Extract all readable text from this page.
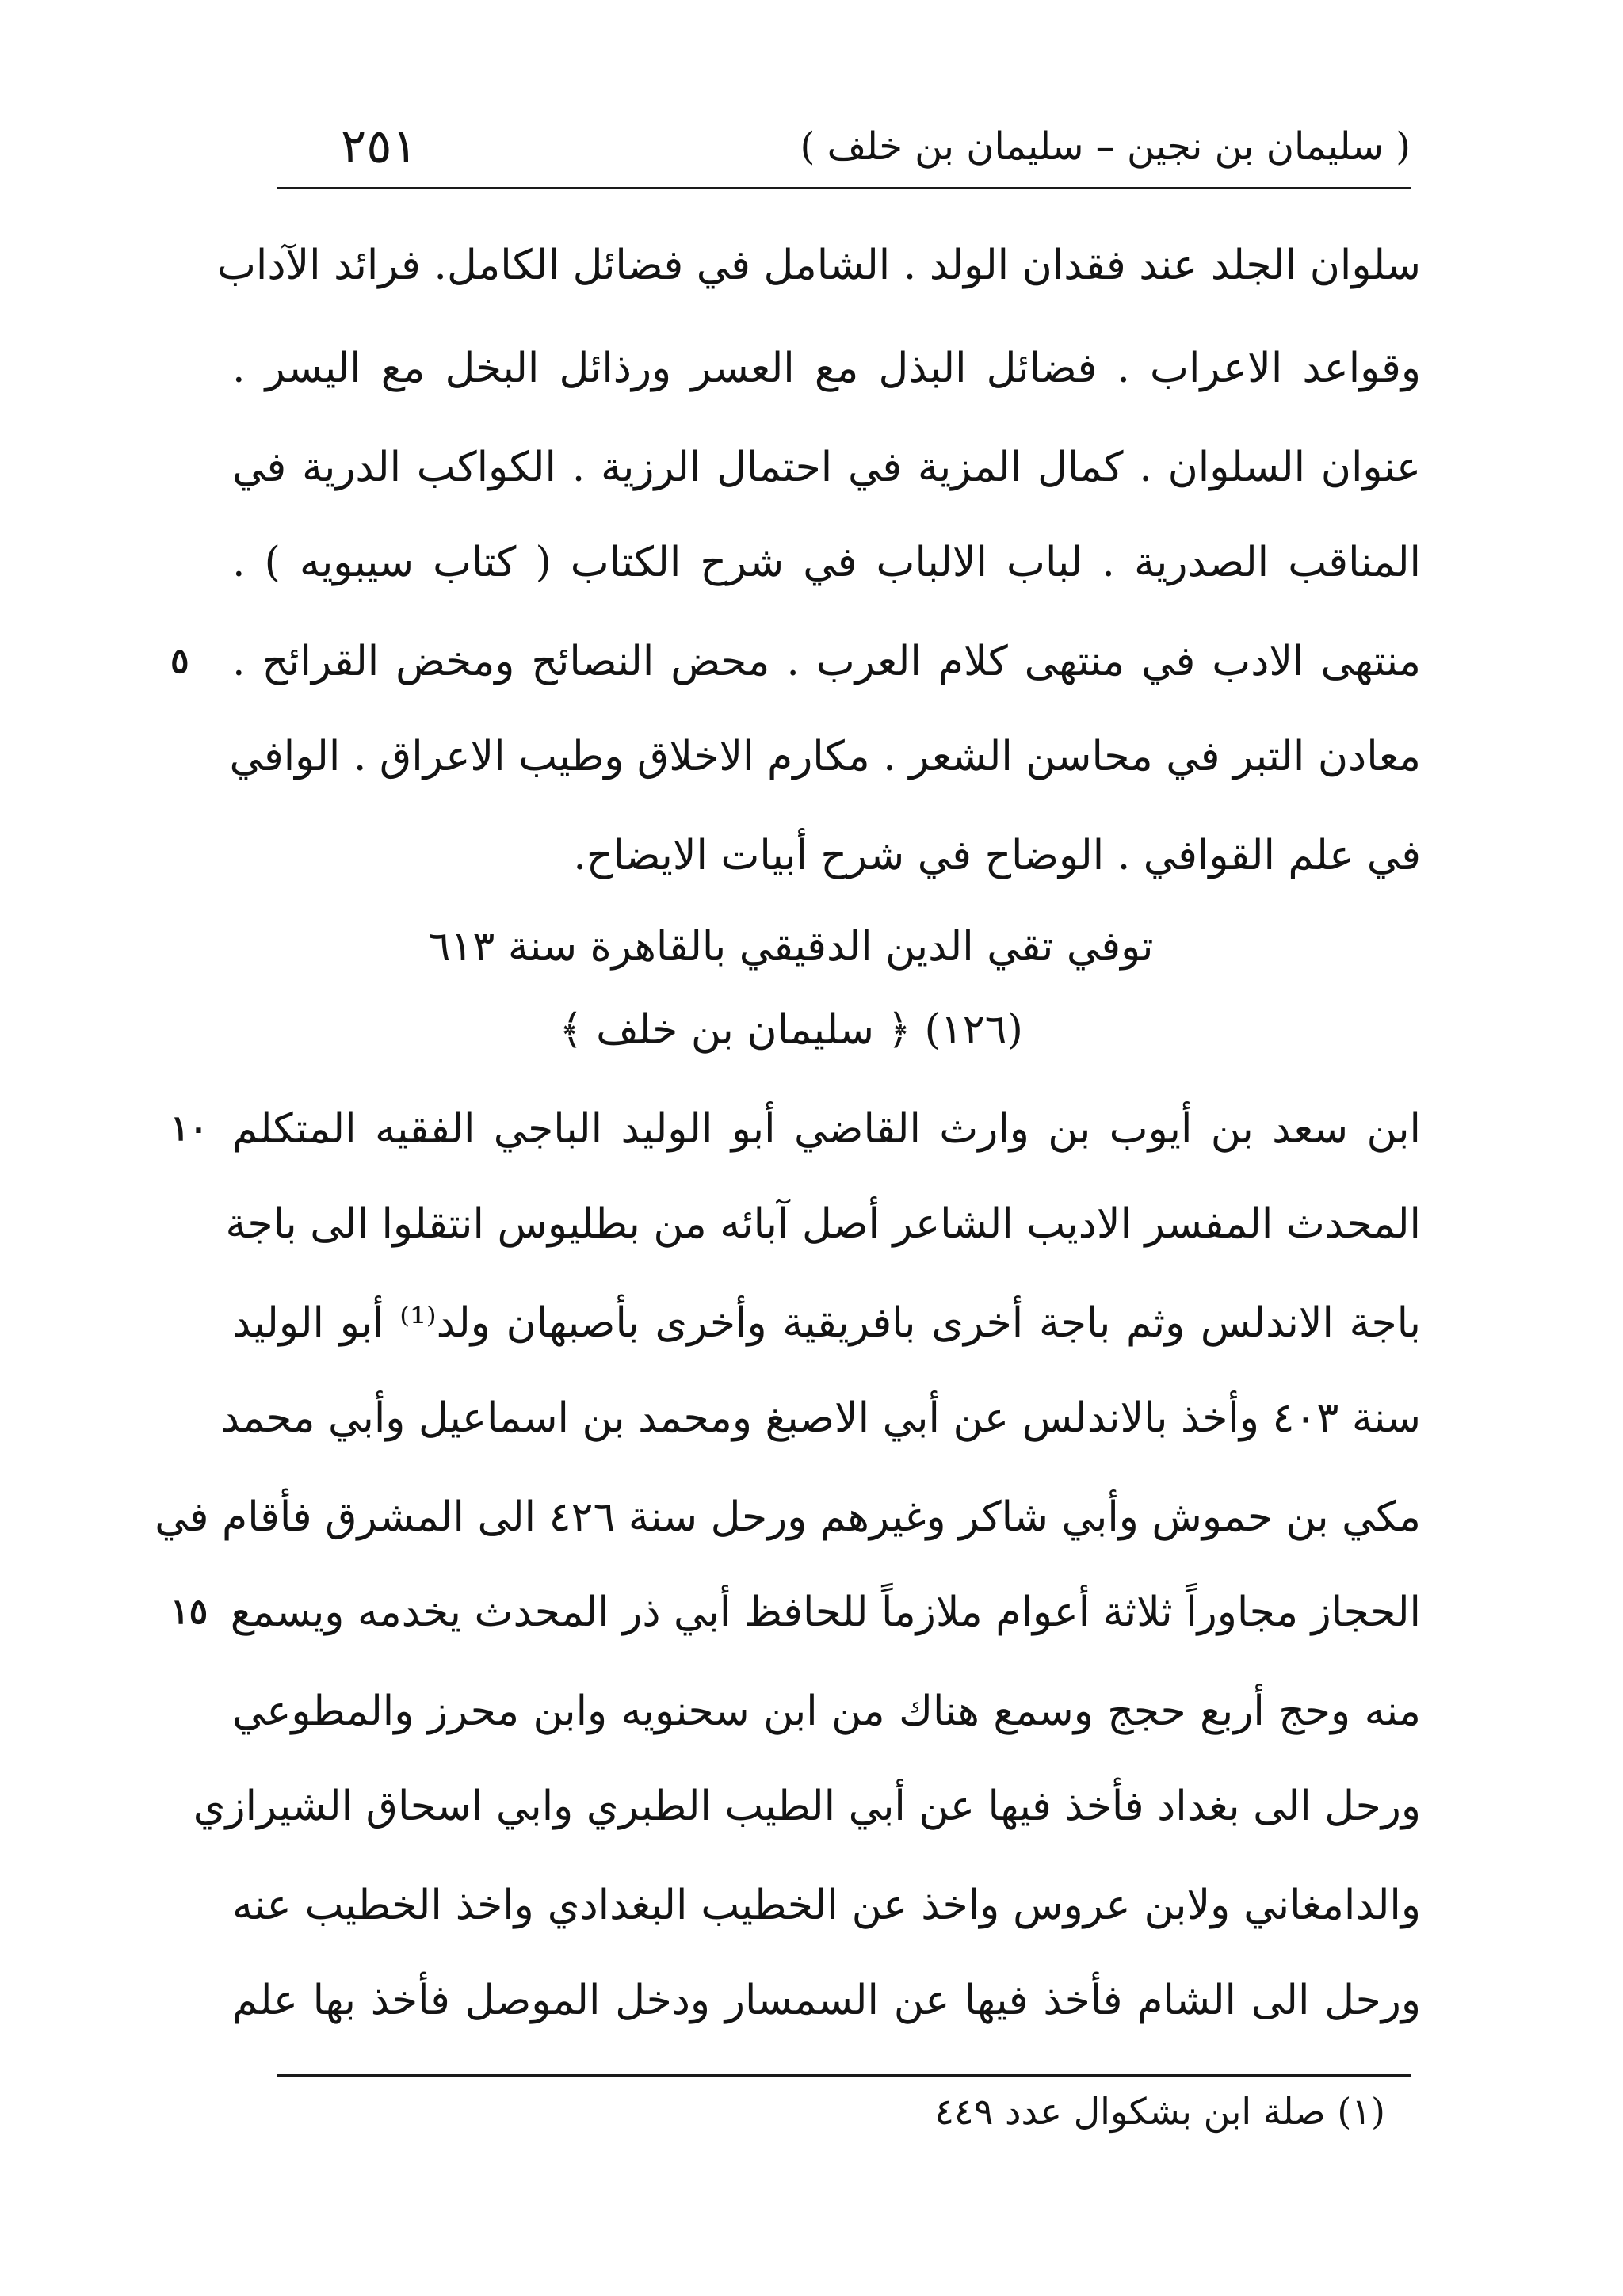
( سليمان بن نجين – سليمان بن خلف )
٢٥١
سلوان الجلد عند فقدان الولد . الشامل في فضائل الكامل. فرائد الآداب
وقواعد الاعراب . فضائل البذل مع العسر ورذائل البخل مع اليسر .
عنوان السلوان . كمال المزية في احتمال الرزية . الكواكب الدرية في
المناقب الصدرية . لباب الالباب في شرح الكتاب ( كتاب سيبويه ) .
منتهى الادب في منتهى كلام العرب . محض النصائح ومخض القرائح .
معادن التبر في محاسن الشعر . مكارم الاخلاق وطيب الاعراق . الوافي
في علم القوافي . الوضاح في شرح أبيات الايضاح.
توفي تقي الدين الدقيقي بالقاهرة سنة ٦١٣
(١٢٦) ﴿ سليمان بن خلف ﴾
ابن سعد بن أيوب بن وارث القاضي أبو الوليد الباجي الفقيه المتكلم
المحدث المفسر الاديب الشاعر أصل آبائه من بطليوس انتقلوا الى باجة
باجة الاندلس وثم باجة أخرى بافريقية وأخرى بأصبهان ولد⁽¹⁾ أبو الوليد
سنة ٤٠٣ وأخذ بالاندلس عن أبي الاصبغ ومحمد بن اسماعيل وأبي محمد
مكي بن حموش وأبي شاكر وغيرهم ورحل سنة ٤٢٦ الى المشرق فأقام في
الحجاز مجاوراً ثلاثة أعوام ملازماً للحافظ أبي ذر المحدث يخدمه ويسمع
منه وحج أربع حجج وسمع هناك من ابن سحنويه وابن محرز والمطوعي
ورحل الى بغداد فأخذ فيها عن أبي الطيب الطبري وابي اسحاق الشيرازي
والدامغاني ولابن عروس واخذ عن الخطيب البغدادي واخذ الخطيب عنه
ورحل الى الشام فأخذ فيها عن السمسار ودخل الموصل فأخذ بها علم
٥
١٠
١٥
(١) صلة ابن بشكوال عدد ٤٤٩
